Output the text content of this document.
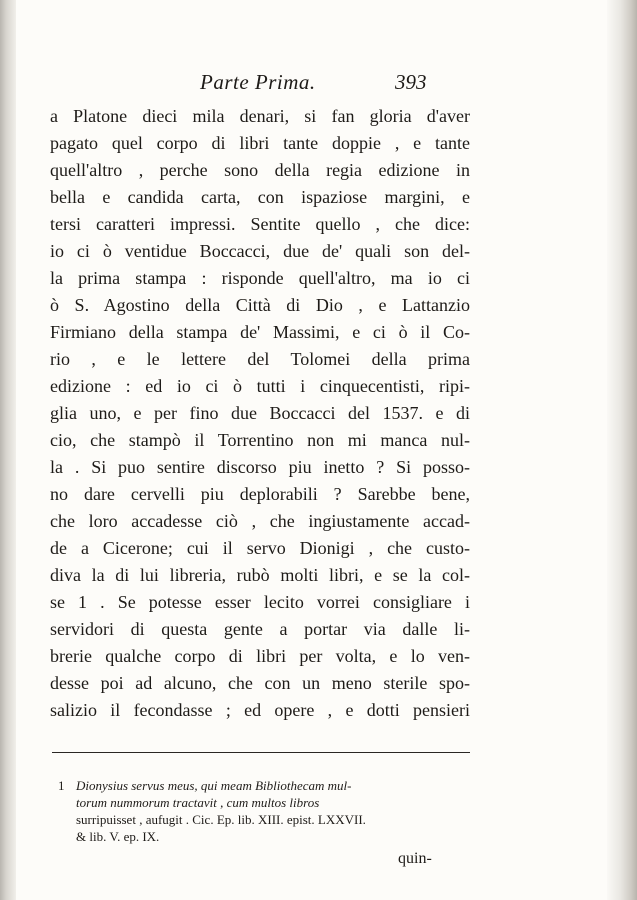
Parte Prima.	393
a Platone dieci mila denari, si fan gloria d'aver
pagato quel corpo di libri tante doppie , e tante
quell'altro , perche sono della regia edizione in
bella e candida carta, con ispaziose margini, e
tersi caratteri impressi. Sentite quello , che dice:
io ci ò ventidue Boccacci, due de' quali son del-
la prima stampa : risponde quell'altro, ma io ci
ò S. Agostino della Città di Dio , e Lattanzio
Firmiano della stampa de' Massimi, e ci ò il Co-
rio , e le lettere del Tolomei della prima
edizione : ed io ci ò tutti i cinquecentisti, ripi-
glia uno, e per fino due Boccacci del 1537. e di
cio, che stampò il Torrentino non mi manca nul-
la . Si puo sentire discorso piu inetto ? Si posso-
no dare cervelli piu deplorabili ? Sarebbe bene,
che loro accadesse ciò , che ingiustamente accad-
de a Cicerone; cui il servo Dionigi , che custo-
diva la di lui libreria, rubò molti libri, e se la col-
se 1 . Se potesse esser lecito vorrei consigliare i
servidori di questa gente a portar via dalle li-
brerie qualche corpo di libri per volta, e lo ven-
desse poi ad alcuno, che con un meno sterile spo-
salizio il fecondasse ; ed opere , e dotti pensieri
1 Dionysius servus meus, qui meam Bibliothecam mul-
torum nummorum tractavit , cum multos libros
surripuisset , aufugit . Cic. Ep. lib. XIII. epist. LXXVII.
& lib. V. ep. IX.
quin-
